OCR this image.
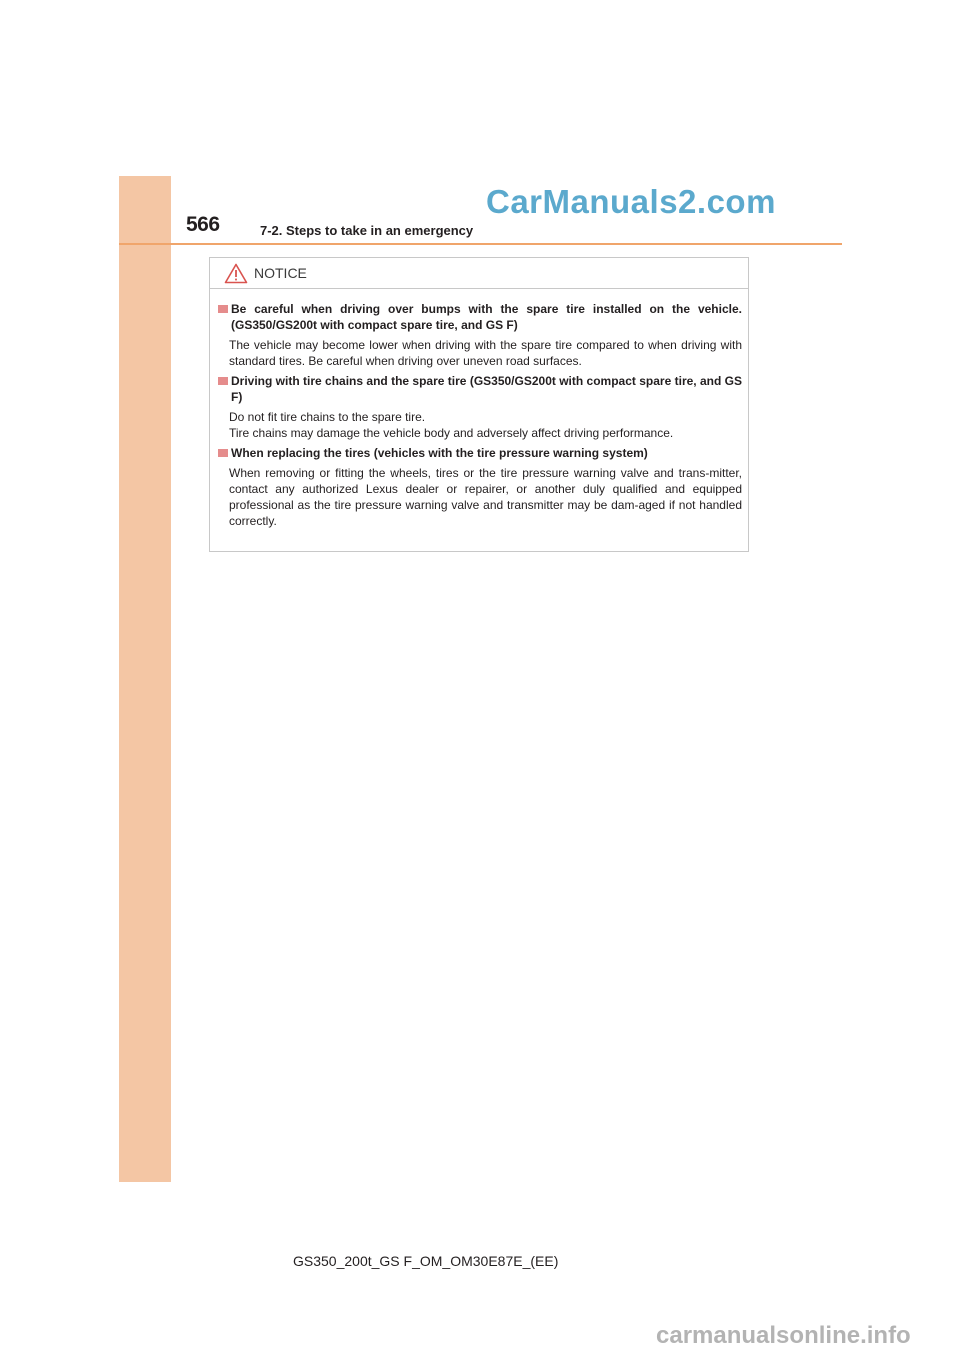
566	7-2. Steps to take in an emergency
CarManuals2.com
NOTICE
Be careful when driving over bumps with the spare tire installed on the vehicle. (GS350/GS200t with compact spare tire, and GS F)
The vehicle may become lower when driving with the spare tire compared to when driving with standard tires. Be careful when driving over uneven road surfaces.
Driving with tire chains and the spare tire (GS350/GS200t with compact spare tire, and GS F)
Do not fit tire chains to the spare tire.
Tire chains may damage the vehicle body and adversely affect driving performance.
When replacing the tires (vehicles with the tire pressure warning system)
When removing or fitting the wheels, tires or the tire pressure warning valve and trans-mitter, contact any authorized Lexus dealer or repairer, or another duly qualified and equipped professional as the tire pressure warning valve and transmitter may be dam-aged if not handled correctly.
GS350_200t_GS F_OM_OM30E87E_(EE)
carmanualsonline.info
